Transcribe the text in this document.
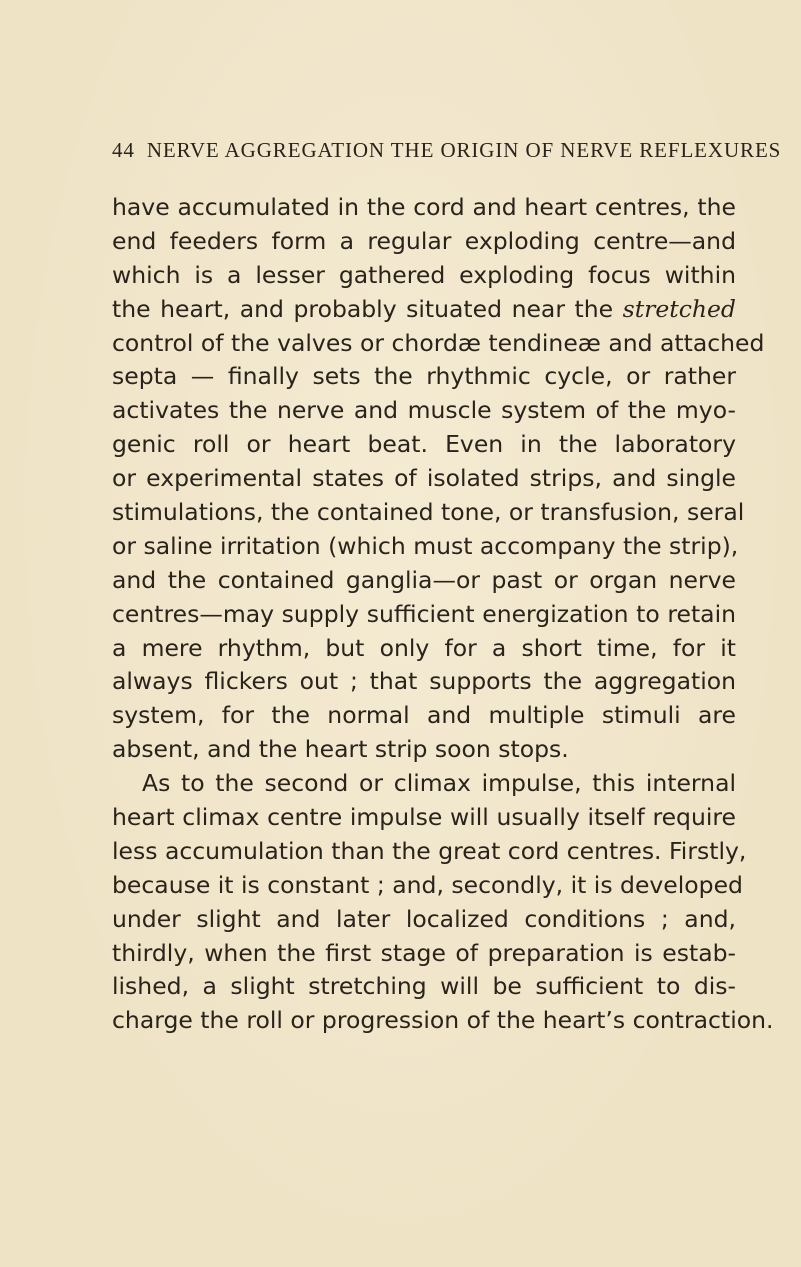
44 NERVE AGGREGATION THE ORIGIN OF NERVE REFLEXURES
have accumulated in the cord and heart centres, the
end feeders form a regular exploding centre—and
which is a lesser gathered exploding focus within
the heart, and probably situated near the stretched
control of the valves or chordæ tendineæ and attached
septa — finally sets the rhythmic cycle, or rather
activates the nerve and muscle system of the myo-
genic roll or heart beat. Even in the laboratory
or experimental states of isolated strips, and single
stimulations, the contained tone, or transfusion, seral
or saline irritation (which must accompany the strip),
and the contained ganglia—or past or organ nerve
centres—may supply sufficient energization to retain
a mere rhythm, but only for a short time, for it
always flickers out ; that supports the aggregation
system, for the normal and multiple stimuli are
absent, and the heart strip soon stops.
As to the second or climax impulse, this internal
heart climax centre impulse will usually itself require
less accumulation than the great cord centres. Firstly,
because it is constant ; and, secondly, it is developed
under slight and later localized conditions ; and,
thirdly, when the first stage of preparation is estab-
lished, a slight stretching will be sufficient to dis-
charge the roll or progression of the heart’s contraction.
